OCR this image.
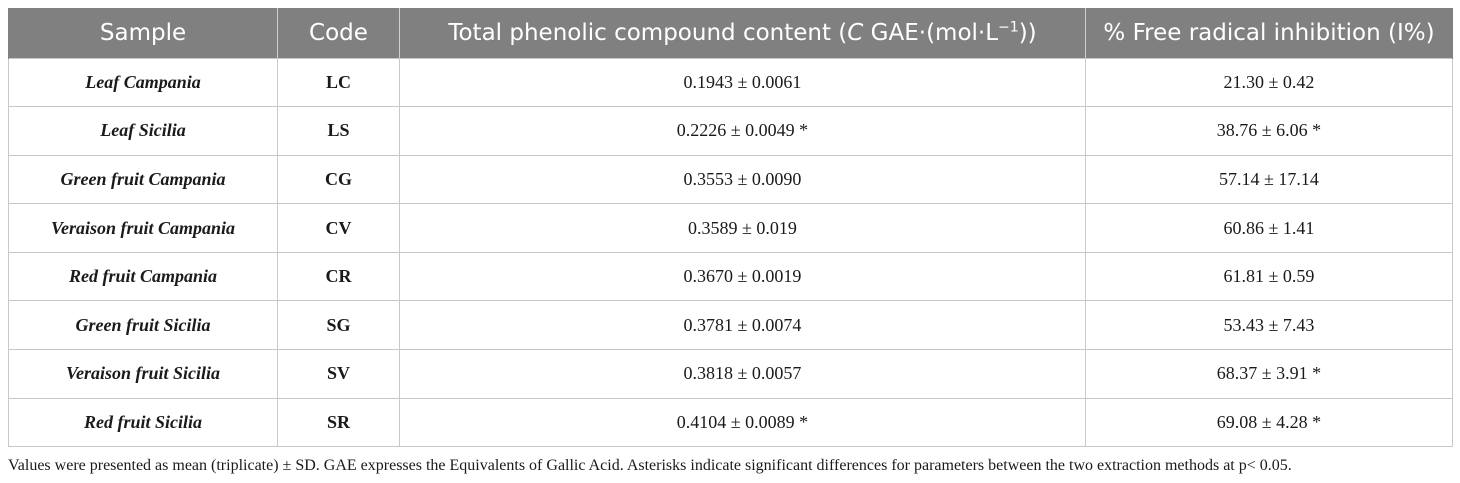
Sample	Code	Total phenolic compound content (C $GAE\cdot(mol\cdot L^{-1})$)	% Free radical inhibition (I%)
Leaf Campania	LC	0.1943 ± 0.0061	21.30 ± 0.42
Leaf Sicilia	LS	0.2226 ± 0.0049 *	38.76 ± 6.06 *
Green fruit Campania	CG	0.3553 ± 0.0090	57.14 ± 17.14
Veraison fruit Campania	CV	0.3589 ± 0.019	60.86 ± 1.41
Red fruit Campania	CR	0.3670 ± 0.0019	61.81 ± 0.59
Green fruit Sicilia	SG	0.3781 ± 0.0074	53.43 ± 7.43
Veraison fruit Sicilia	SV	0.3818 ± 0.0057	68.37 ± 3.91 *
Red fruit Sicilia	SR	0.4104 ± 0.0089 *	69.08 ± 4.28 *
Values were presented as mean (triplicate) ± SD. GAE expresses the Equivalents of Gallic Acid. Asterisks indicate significant differences for parameters between the two extraction methods at p< 0.05.
